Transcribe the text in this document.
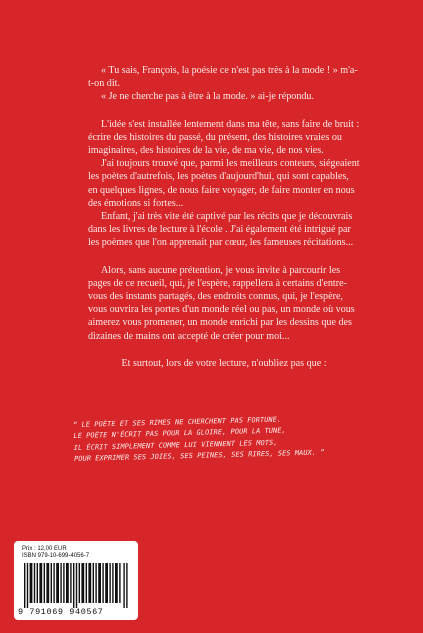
« Tu sais, François, la poésie ce n'est pas très à la mode ! » m'a-t-on dit.

« Je ne cherche pas à être à la mode. » ai-je répondu.

L'idée s'est installée lentement dans ma tête, sans faire de bruit : écrire des histoires du passé, du présent, des histoires vraies ou imaginaires, des histoires de la vie, de ma vie, de nos vies.

J'ai toujours trouvé que, parmi les meilleurs conteurs, siégeaient les poètes d'autrefois, les poètes d'aujourd'hui, qui sont capables, en quelques lignes, de nous faire voyager, de faire monter en nous des émotions si fortes...

Enfant, j'ai très vite été captivé par les récits que je découvrais dans les livres de lecture à l'école . J'ai également été intrigué par les poèmes que l'on apprenait par cœur, les fameuses récitations...

Alors, sans aucune prétention, je vous invite à parcourir les pages de ce recueil, qui, je l'espère, rappellera à certains d'entre-vous des instants partagés, des endroits connus, qui, je l'espère, vous ouvrira les portes d'un monde réel ou pas, un monde où vous aimerez vous promener, un monde enrichi par les dessins que des dizaines de mains ont accepté de créer pour moi...

Et surtout, lors de votre lecture, n'oubliez pas que :

“ LE POÈTE ET SES RIMES NE CHERCHENT PAS FORTUNE.
LE POÈTE N'ÉCRIT PAS POUR LA GLOIRE, POUR LA TUNE,
IL ÉCRIT SIMPLEMENT COMME LUI VIENNENT LES MOTS,
POUR EXPRIMER SES JOIES, SES PEINES, SES RIRES, SES MAUX. ”
Prix : 12,00 EUR
ISBN 979-10-699-4056-7
9 791069 940567
